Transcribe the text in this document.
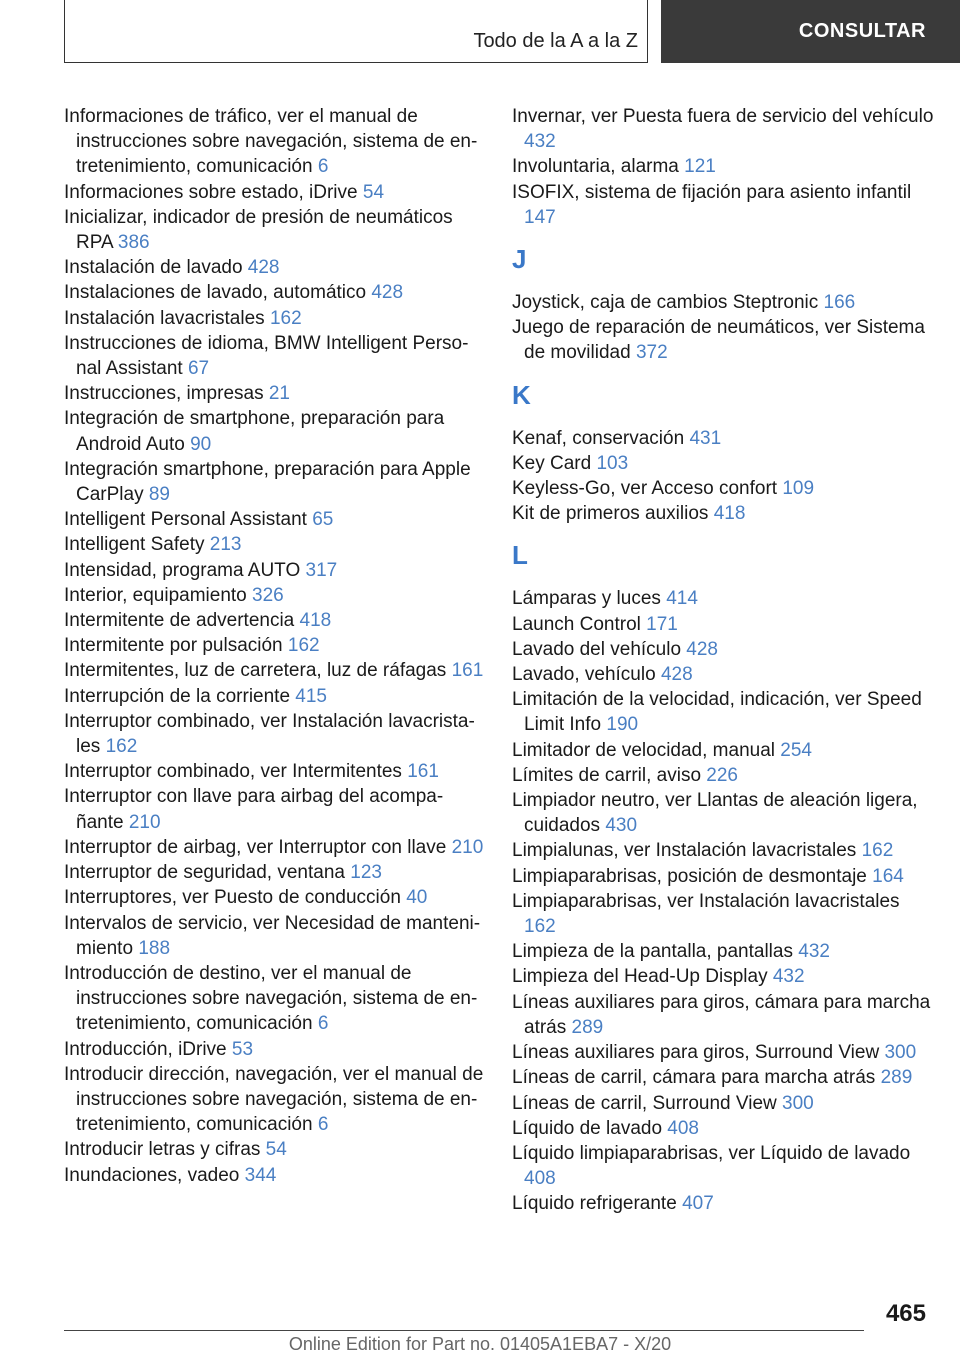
Todo de la A a la Z	CONSULTAR
Informaciones de tráfico, ver el manual de instrucciones sobre navegación, sistema de entretenimiento, comunicación 6
Informaciones sobre estado, iDrive 54
Inicializar, indicador de presión de neumáticos RPA 386
Instalación de lavado 428
Instalaciones de lavado, automático 428
Instalación lavacristales 162
Instrucciones de idioma, BMW Intelligent Personal Assistant 67
Instrucciones, impresas 21
Integración de smartphone, preparación para Android Auto 90
Integración smartphone, preparación para Apple CarPlay 89
Intelligent Personal Assistant 65
Intelligent Safety 213
Intensidad, programa AUTO 317
Interior, equipamiento 326
Intermitente de advertencia 418
Intermitente por pulsación 162
Intermitentes, luz de carretera, luz de ráfagas 161
Interrupción de la corriente 415
Interruptor combinado, ver Instalación lavacristales 162
Interruptor combinado, ver Intermitentes 161
Interruptor con llave para airbag del acompañante 210
Interruptor de airbag, ver Interruptor con llave 210
Interruptor de seguridad, ventana 123
Interruptores, ver Puesto de conducción 40
Intervalos de servicio, ver Necesidad de mantenimiento 188
Introducción de destino, ver el manual de instrucciones sobre navegación, sistema de entretenimiento, comunicación 6
Introducción, iDrive 53
Introducir dirección, navegación, ver el manual de instrucciones sobre navegación, sistema de entretenimiento, comunicación 6
Introducir letras y cifras 54
Inundaciones, vadeo 344
Invernar, ver Puesta fuera de servicio del vehículo 432
Involuntaria, alarma 121
ISOFIX, sistema de fijación para asiento infantil 147
J
Joystick, caja de cambios Steptronic 166
Juego de reparación de neumáticos, ver Sistema de movilidad 372
K
Kenaf, conservación 431
Key Card 103
Keyless-Go, ver Acceso confort 109
Kit de primeros auxilios 418
L
Lámparas y luces 414
Launch Control 171
Lavado del vehículo 428
Lavado, vehículo 428
Limitación de la velocidad, indicación, ver Speed Limit Info 190
Limitador de velocidad, manual 254
Límites de carril, aviso 226
Limpiador neutro, ver Llantas de aleación ligera, cuidados 430
Limpialunas, ver Instalación lavacristales 162
Limpiaparabrisas, posición de desmontaje 164
Limpiaparabrisas, ver Instalación lavacristales 162
Limpieza de la pantalla, pantallas 432
Limpieza del Head-Up Display 432
Líneas auxiliares para giros, cámara para marcha atrás 289
Líneas auxiliares para giros, Surround View 300
Líneas de carril, cámara para marcha atrás 289
Líneas de carril, Surround View 300
Líquido de lavado 408
Líquido limpiaparabrisas, ver Líquido de lavado 408
Líquido refrigerante 407
465
Online Edition for Part no. 01405A1EBA7 - X/20
